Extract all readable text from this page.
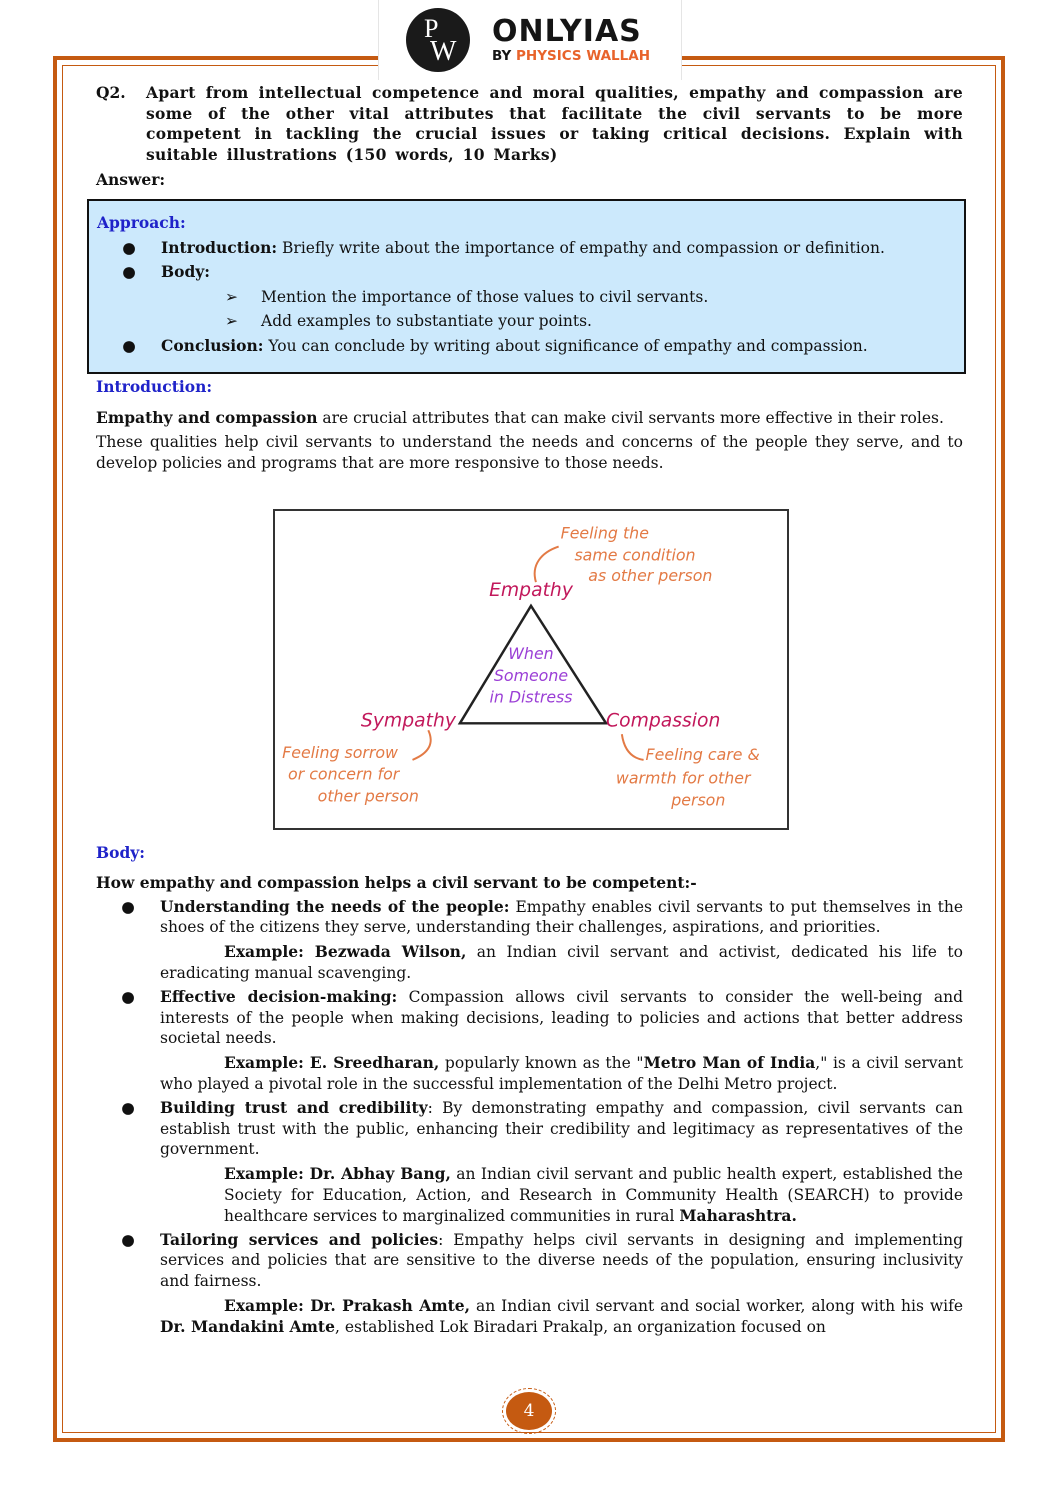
P
W
ONLYIAS
BY PHYSICS WALLAH
Q2.	Apart from intellectual competence and moral qualities, empathy and compassion are some of the other vital attributes that facilitate the civil servants to be more competent in tackling the crucial issues or taking critical decisions. Explain with suitable illustrations (150 words, 10 Marks)
Answer:
Approach:
●	Introduction: Briefly write about the importance of empathy and compassion or definition.
●	Body:
➢	Mention the importance of those values to civil servants.
➢	Add examples to substantiate your points.
●	Conclusion: You can conclude by writing about significance of empathy and compassion.
Introduction:

Empathy and compassion are crucial attributes that can make civil servants more effective in their roles.

These qualities help civil servants to understand the needs and concerns of the people they serve, and to develop policies and programs that are more responsive to those needs.

When
Someone
in Distress
Empathy
Sympathy	Compassion
Feeling the
same condition
as other person
Feeling sorrow
or concern for
other person
Feeling care &
warmth for other
person
Body:
How empathy and compassion helps a civil servant to be competent:-
●	Understanding the needs of the people: Empathy enables civil servants to put themselves in the shoes of the citizens they serve, understanding their challenges, aspirations, and priorities.
Example: Bezwada Wilson, an Indian civil servant and activist, dedicated his life to eradicating manual scavenging.
●	Effective decision-making: Compassion allows civil servants to consider the well-being and interests of the people when making decisions, leading to policies and actions that better address societal needs.
Example: E. Sreedharan, popularly known as the "Metro Man of India," is a civil servant who played a pivotal role in the successful implementation of the Delhi Metro project.
●	Building trust and credibility: By demonstrating empathy and compassion, civil servants can establish trust with the public, enhancing their credibility and legitimacy as representatives of the government.
Example: Dr. Abhay Bang, an Indian civil servant and public health expert, established the Society for Education, Action, and Research in Community Health (SEARCH) to provide healthcare services to marginalized communities in rural Maharashtra.
●	Tailoring services and policies: Empathy helps civil servants in designing and implementing services and policies that are sensitive to the diverse needs of the population, ensuring inclusivity and fairness.
Example: Dr. Prakash Amte, an Indian civil servant and social worker, along with his wife Dr. Mandakini Amte, established Lok Biradari Prakalp, an organization focused on
4
